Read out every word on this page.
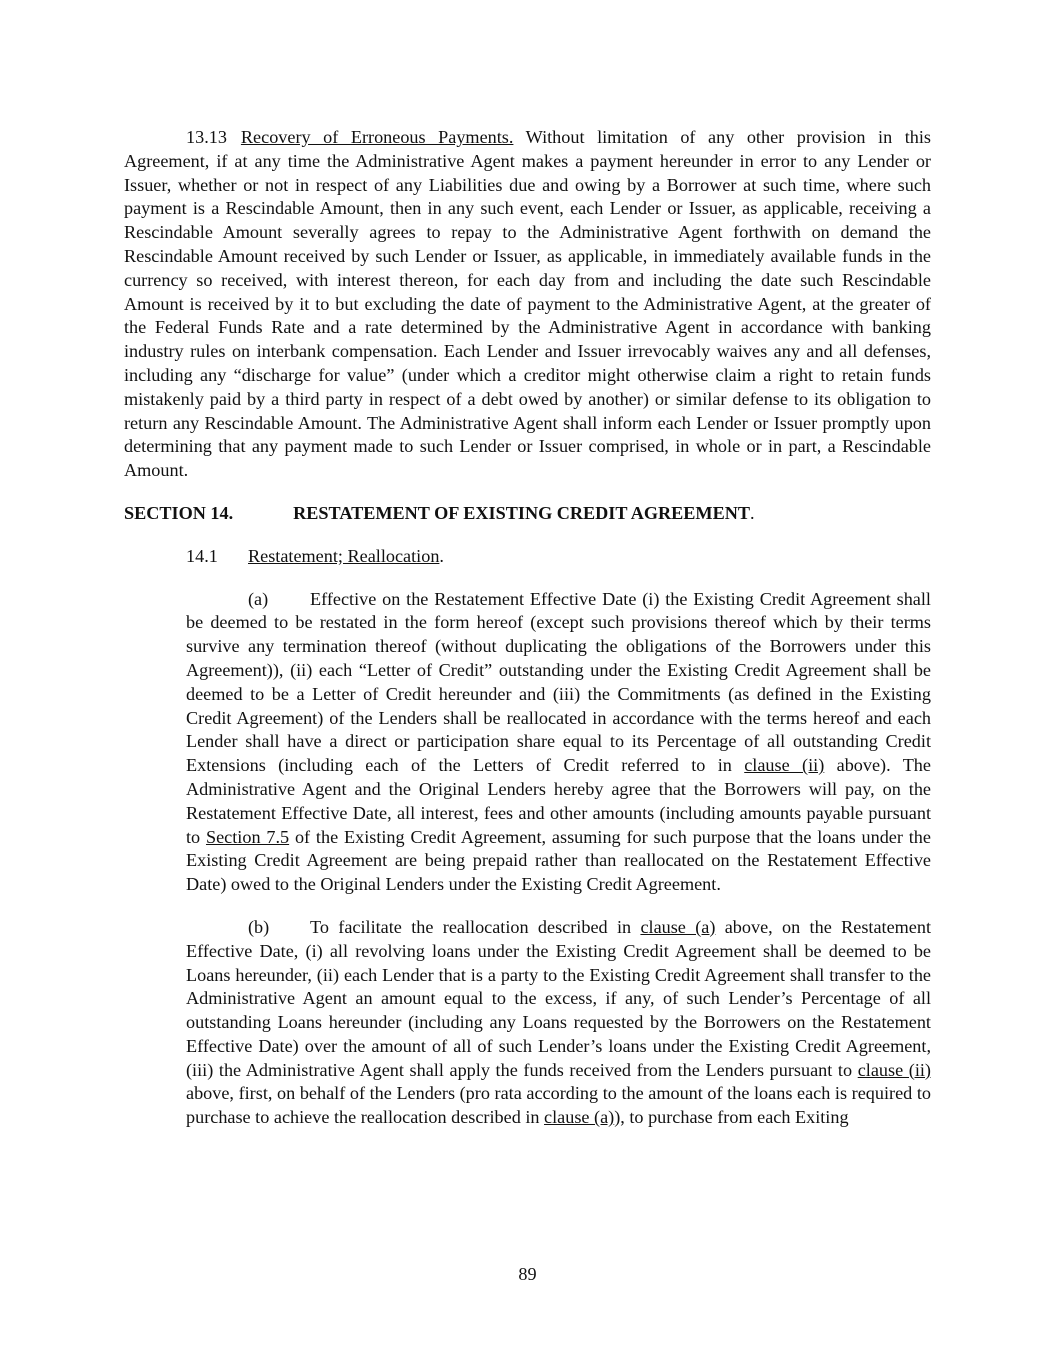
13.13 Recovery of Erroneous Payments. Without limitation of any other provision in this Agreement, if at any time the Administrative Agent makes a payment hereunder in error to any Lender or Issuer, whether or not in respect of any Liabilities due and owing by a Borrower at such time, where such payment is a Rescindable Amount, then in any such event, each Lender or Issuer, as applicable, receiving a Rescindable Amount severally agrees to repay to the Administrative Agent forthwith on demand the Rescindable Amount received by such Lender or Issuer, as applicable, in immediately available funds in the currency so received, with interest thereon, for each day from and including the date such Rescindable Amount is received by it to but excluding the date of payment to the Administrative Agent, at the greater of the Federal Funds Rate and a rate determined by the Administrative Agent in accordance with banking industry rules on interbank compensation. Each Lender and Issuer irrevocably waives any and all defenses, including any “discharge for value” (under which a creditor might otherwise claim a right to retain funds mistakenly paid by a third party in respect of a debt owed by another) or similar defense to its obligation to return any Rescindable Amount. The Administrative Agent shall inform each Lender or Issuer promptly upon determining that any payment made to such Lender or Issuer comprised, in whole or in part, a Rescindable Amount.

SECTION 14.	RESTATEMENT OF EXISTING CREDIT AGREEMENT.

14.1 Restatement; Reallocation.

(a) Effective on the Restatement Effective Date (i) the Existing Credit Agreement shall be deemed to be restated in the form hereof (except such provisions thereof which by their terms survive any termination thereof (without duplicating the obligations of the Borrowers under this Agreement)), (ii) each “Letter of Credit” outstanding under the Existing Credit Agreement shall be deemed to be a Letter of Credit hereunder and (iii) the Commitments (as defined in the Existing Credit Agreement) of the Lenders shall be reallocated in accordance with the terms hereof and each Lender shall have a direct or participation share equal to its Percentage of all outstanding Credit Extensions (including each of the Letters of Credit referred to in clause (ii) above). The Administrative Agent and the Original Lenders hereby agree that the Borrowers will pay, on the Restatement Effective Date, all interest, fees and other amounts (including amounts payable pursuant to Section 7.5 of the Existing Credit Agreement, assuming for such purpose that the loans under the Existing Credit Agreement are being prepaid rather than reallocated on the Restatement Effective Date) owed to the Original Lenders under the Existing Credit Agreement.

(b) To facilitate the reallocation described in clause (a) above, on the Restatement Effective Date, (i) all revolving loans under the Existing Credit Agreement shall be deemed to be Loans hereunder, (ii) each Lender that is a party to the Existing Credit Agreement shall transfer to the Administrative Agent an amount equal to the excess, if any, of such Lender’s Percentage of all outstanding Loans hereunder (including any Loans requested by the Borrowers on the Restatement Effective Date) over the amount of all of such Lender’s loans under the Existing Credit Agreement, (iii) the Administrative Agent shall apply the funds received from the Lenders pursuant to clause (ii) above, first, on behalf of the Lenders (pro rata according to the amount of the loans each is required to purchase to achieve the reallocation described in clause (a)), to purchase from each Exiting

89
